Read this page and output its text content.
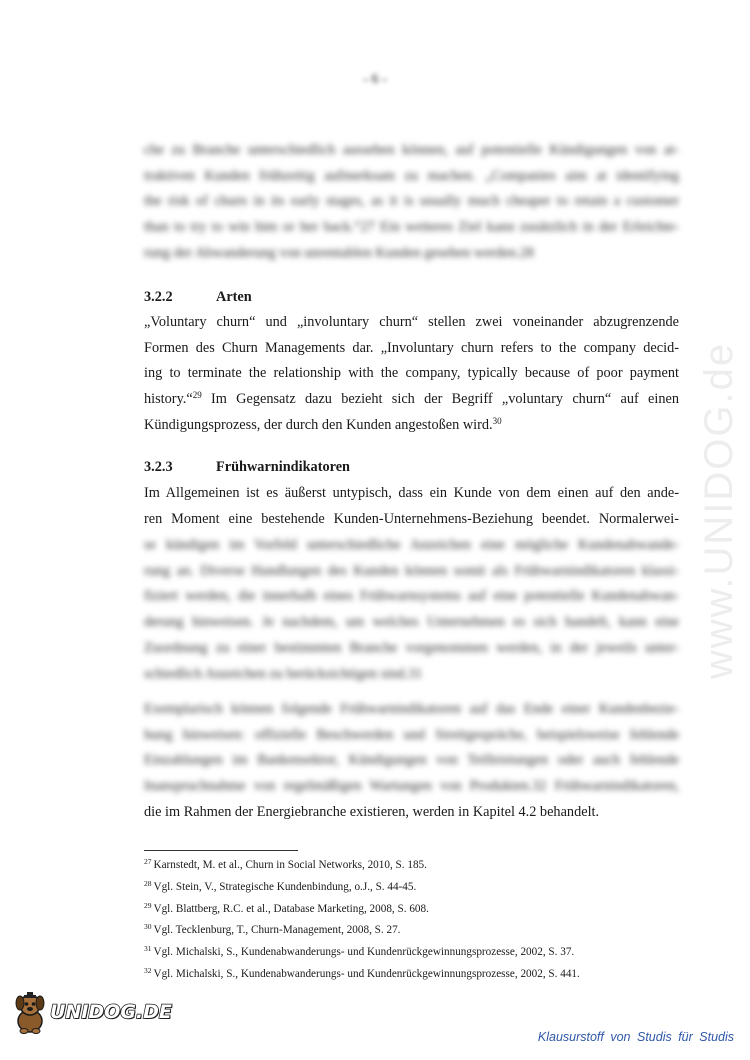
- 6 -
che zu Branche unterschiedlich aussehen können, auf potentielle Kündigungen von at-
traktiven Kunden frühzeitig aufmerksam zu machen. „Companies aim at identifying
the risk of churn in its early stages, as it is usually much cheaper to retain a customer
than to try to win him or her back.“27 Ein weiteres Ziel kann zusätzlich in der Erleichte-
rung der Abwanderung von unrentablen Kunden gesehen werden.28
3.2.2	Arten
„Voluntary churn“ und „involuntary churn“ stellen zwei voneinander abzugrenzende
Formen des Churn Managements dar. „Involuntary churn refers to the company decid-
ing to terminate the relationship with the company, typically because of poor payment
history.“$^{29}$ Im Gegensatz dazu bezieht sich der Begriff „voluntary churn“ auf einen
Kündigungsprozess, der durch den Kunden angestoßen wird.$^{30}$
3.2.3	Frühwarnindikatoren
Im Allgemeinen ist es äußerst untypisch, dass ein Kunde von dem einen auf den ande-
ren Moment eine bestehende Kunden-Unternehmens-Beziehung beendet. Normalerwei-
se kündigen im Vorfeld unterschiedliche Anzeichen eine mögliche Kundenabwande-
rung an. Diverse Handlungen des Kunden können somit als Frühwarnindikatoren klassi-
fiziert werden, die innerhalb eines Frühwarnsystems auf eine potentielle Kundenabwan-
derung hinweisen. Je nachdem, um welches Unternehmen es sich handelt, kann eine
Zuordnung zu einer bestimmten Branche vorgenommen werden, in der jeweils unter-
schiedlich Anzeichen zu berücksichtigen sind.31
Exemplarisch können folgende Frühwarnindikatoren auf das Ende einer Kundenbezie-
hung hinweisen: offizielle Beschwerden und Streitgespräche, beispielsweise fehlende
Einzahlungen im Bankensektor, Kündigungen von Teilleistungen oder auch fehlende
Inanspruchnahme von regelmäßigen Wartungen von Produkten.32 Frühwarnindikatoren,
die im Rahmen der Energiebranche existieren, werden in Kapitel 4.2 behandelt.
$^{27}$ Karnstedt, M. et al., Churn in Social Networks, 2010, S. 185.
$^{28}$ Vgl. Stein, V., Strategische Kundenbindung, o.J., S. 44-45.
$^{29}$ Vgl. Blattberg, R.C. et al., Database Marketing, 2008, S. 608.
$^{30}$ Vgl. Tecklenburg, T., Churn-Management, 2008, S. 27.
$^{31}$ Vgl. Michalski, S., Kundenabwanderungs- und Kundenrückgewinnungsprozesse, 2002, S. 37.
$^{32}$ Vgl. Michalski, S., Kundenabwanderungs- und Kundenrückgewinnungsprozesse, 2002, S. 441.
www.UNIDOG.de
UNIDOG.DE
Klausurstoff von Studis für Studis
